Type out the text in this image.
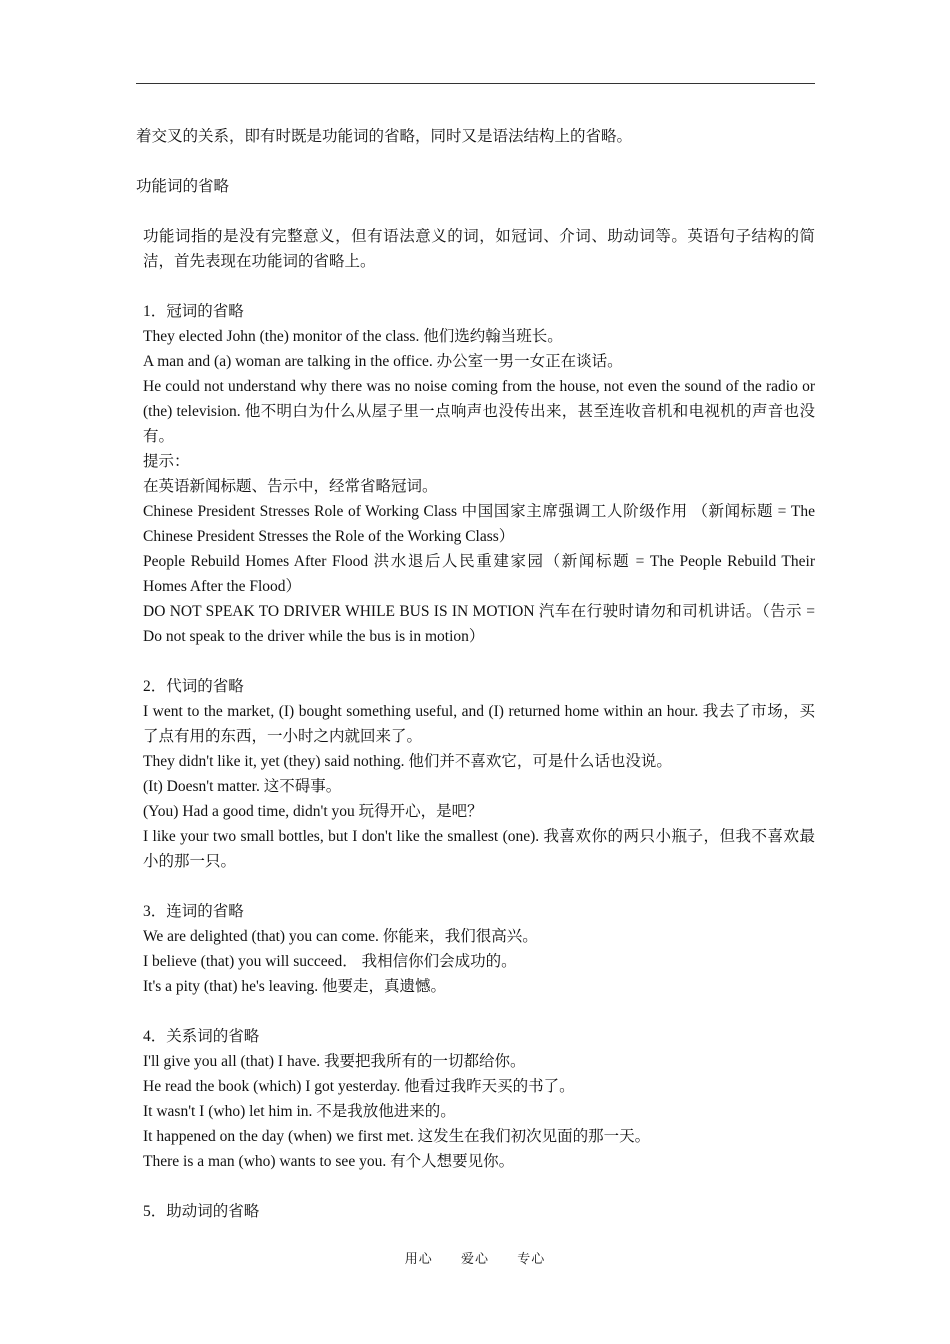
着交叉的关系，即有时既是功能词的省略，同时又是语法结构上的省略。

功能词的省略

功能词指的是没有完整意义，但有语法意义的词，如冠词、介词、助动词等。英语句子结构的简洁，首先表现在功能词的省略上。

1．冠词的省略

They elected John (the) monitor of the class. 他们选约翰当班长。

A man and (a) woman are talking in the office. 办公室一男一女正在谈话。

He could not understand why there was no noise coming from the house, not even the sound of the radio or (the) television. 他不明白为什么从屋子里一点响声也没传出来，甚至连收音机和电视机的声音也没有。

提示：

在英语新闻标题、告示中，经常省略冠词。

Chinese President Stresses Role of Working Class 中国国家主席强调工人阶级作用 （新闻标题 = The Chinese President Stresses the Role of the Working Class）

People Rebuild Homes After Flood 洪水退后人民重建家园（新闻标题 = The People Rebuild Their Homes After the Flood）

DO NOT SPEAK TO DRIVER WHILE BUS IS IN MOTION 汽车在行驶时请勿和司机讲话。（告示 = Do not speak to the driver while the bus is in motion）

2．代词的省略

I went to the market, (I) bought something useful, and (I) returned home within an hour. 我去了市场，买了点有用的东西，一小时之内就回来了。

They didn't like it, yet (they) said nothing. 他们并不喜欢它，可是什么话也没说。

(It) Doesn't matter. 这不碍事。

(You) Had a good time, didn't you 玩得开心，是吧？

I like your two small bottles, but I don't like the smallest (one). 我喜欢你的两只小瓶子，但我不喜欢最小的那一只。

3．连词的省略

We are delighted (that) you can come. 你能来，我们很高兴。

I believe (that) you will succeed． 我相信你们会成功的。

It's a pity (that) he's leaving. 他要走，真遗憾。

4．关系词的省略

I'll give you all (that) I have. 我要把我所有的一切都给你。

He read the book (which) I got yesterday. 他看过我昨天买的书了。

It wasn't I (who) let him in. 不是我放他进来的。

It happened on the day (when) we first met. 这发生在我们初次见面的那一天。

There is a man (who) wants to see you. 有个人想要见你。

5．助动词的省略

用心 爱心 专心
